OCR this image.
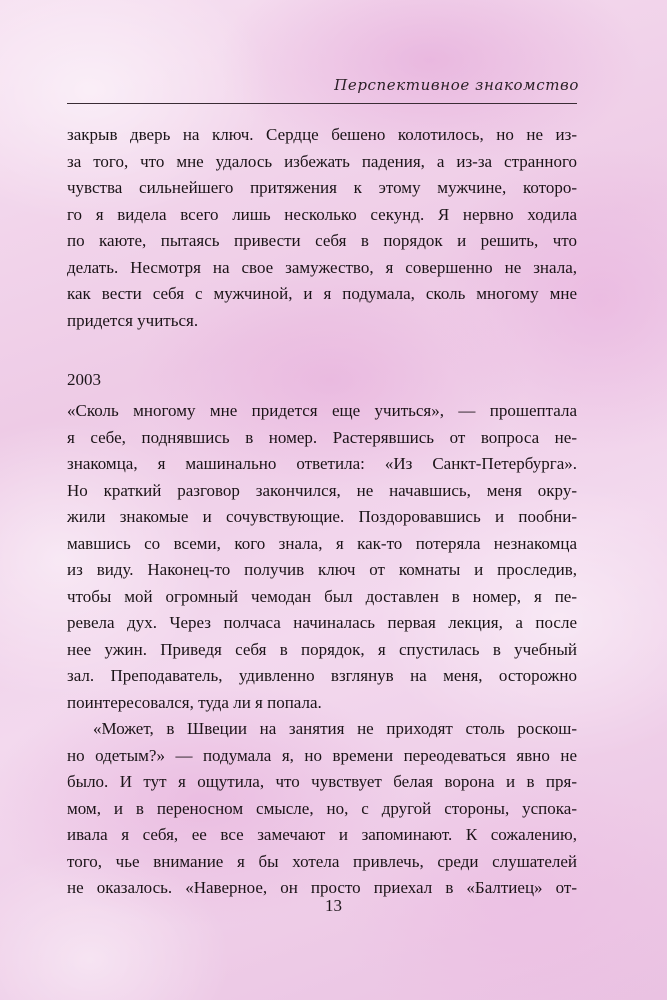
Перспективное знакомство
закрыв дверь на ключ. Сердце бешено колотилось, но не из-
за того, что мне удалось избежать падения, а из-за странного
чувства сильнейшего притяжения к этому мужчине, которо-
го я видела всего лишь несколько секунд. Я нервно ходила
по каюте, пытаясь привести себя в порядок и решить, что
делать. Несмотря на свое замужество, я совершенно не знала,
как вести себя с мужчиной, и я подумала, сколь многому мне
придется учиться.
2003
«Сколь многому мне придется еще учиться», — прошептала
я себе, поднявшись в номер. Растерявшись от вопроса не-
знакомца, я машинально ответила: «Из Санкт-Петербурга».
Но краткий разговор закончился, не начавшись, меня окру-
жили знакомые и сочувствующие. Поздоровавшись и пообни-
мавшись со всеми, кого знала, я как-то потеряла незнакомца
из виду. Наконец-то получив ключ от комнаты и проследив,
чтобы мой огромный чемодан был доставлен в номер, я пе-
ревела дух. Через полчаса начиналась первая лекция, а после
нее ужин. Приведя себя в порядок, я спустилась в учебный
зал. Преподаватель, удивленно взглянув на меня, осторожно
поинтересовался, туда ли я попала.
«Может, в Швеции на занятия не приходят столь роскош-
но одетым?» — подумала я, но времени переодеваться явно не
было. И тут я ощутила, что чувствует белая ворона и в пря-
мом, и в переносном смысле, но, с другой стороны, успока-
ивала я себя, ее все замечают и запоминают. К сожалению,
того, чье внимание я бы хотела привлечь, среди слушателей
не оказалось. «Наверное, он просто приехал в «Балтиец» от-
13
